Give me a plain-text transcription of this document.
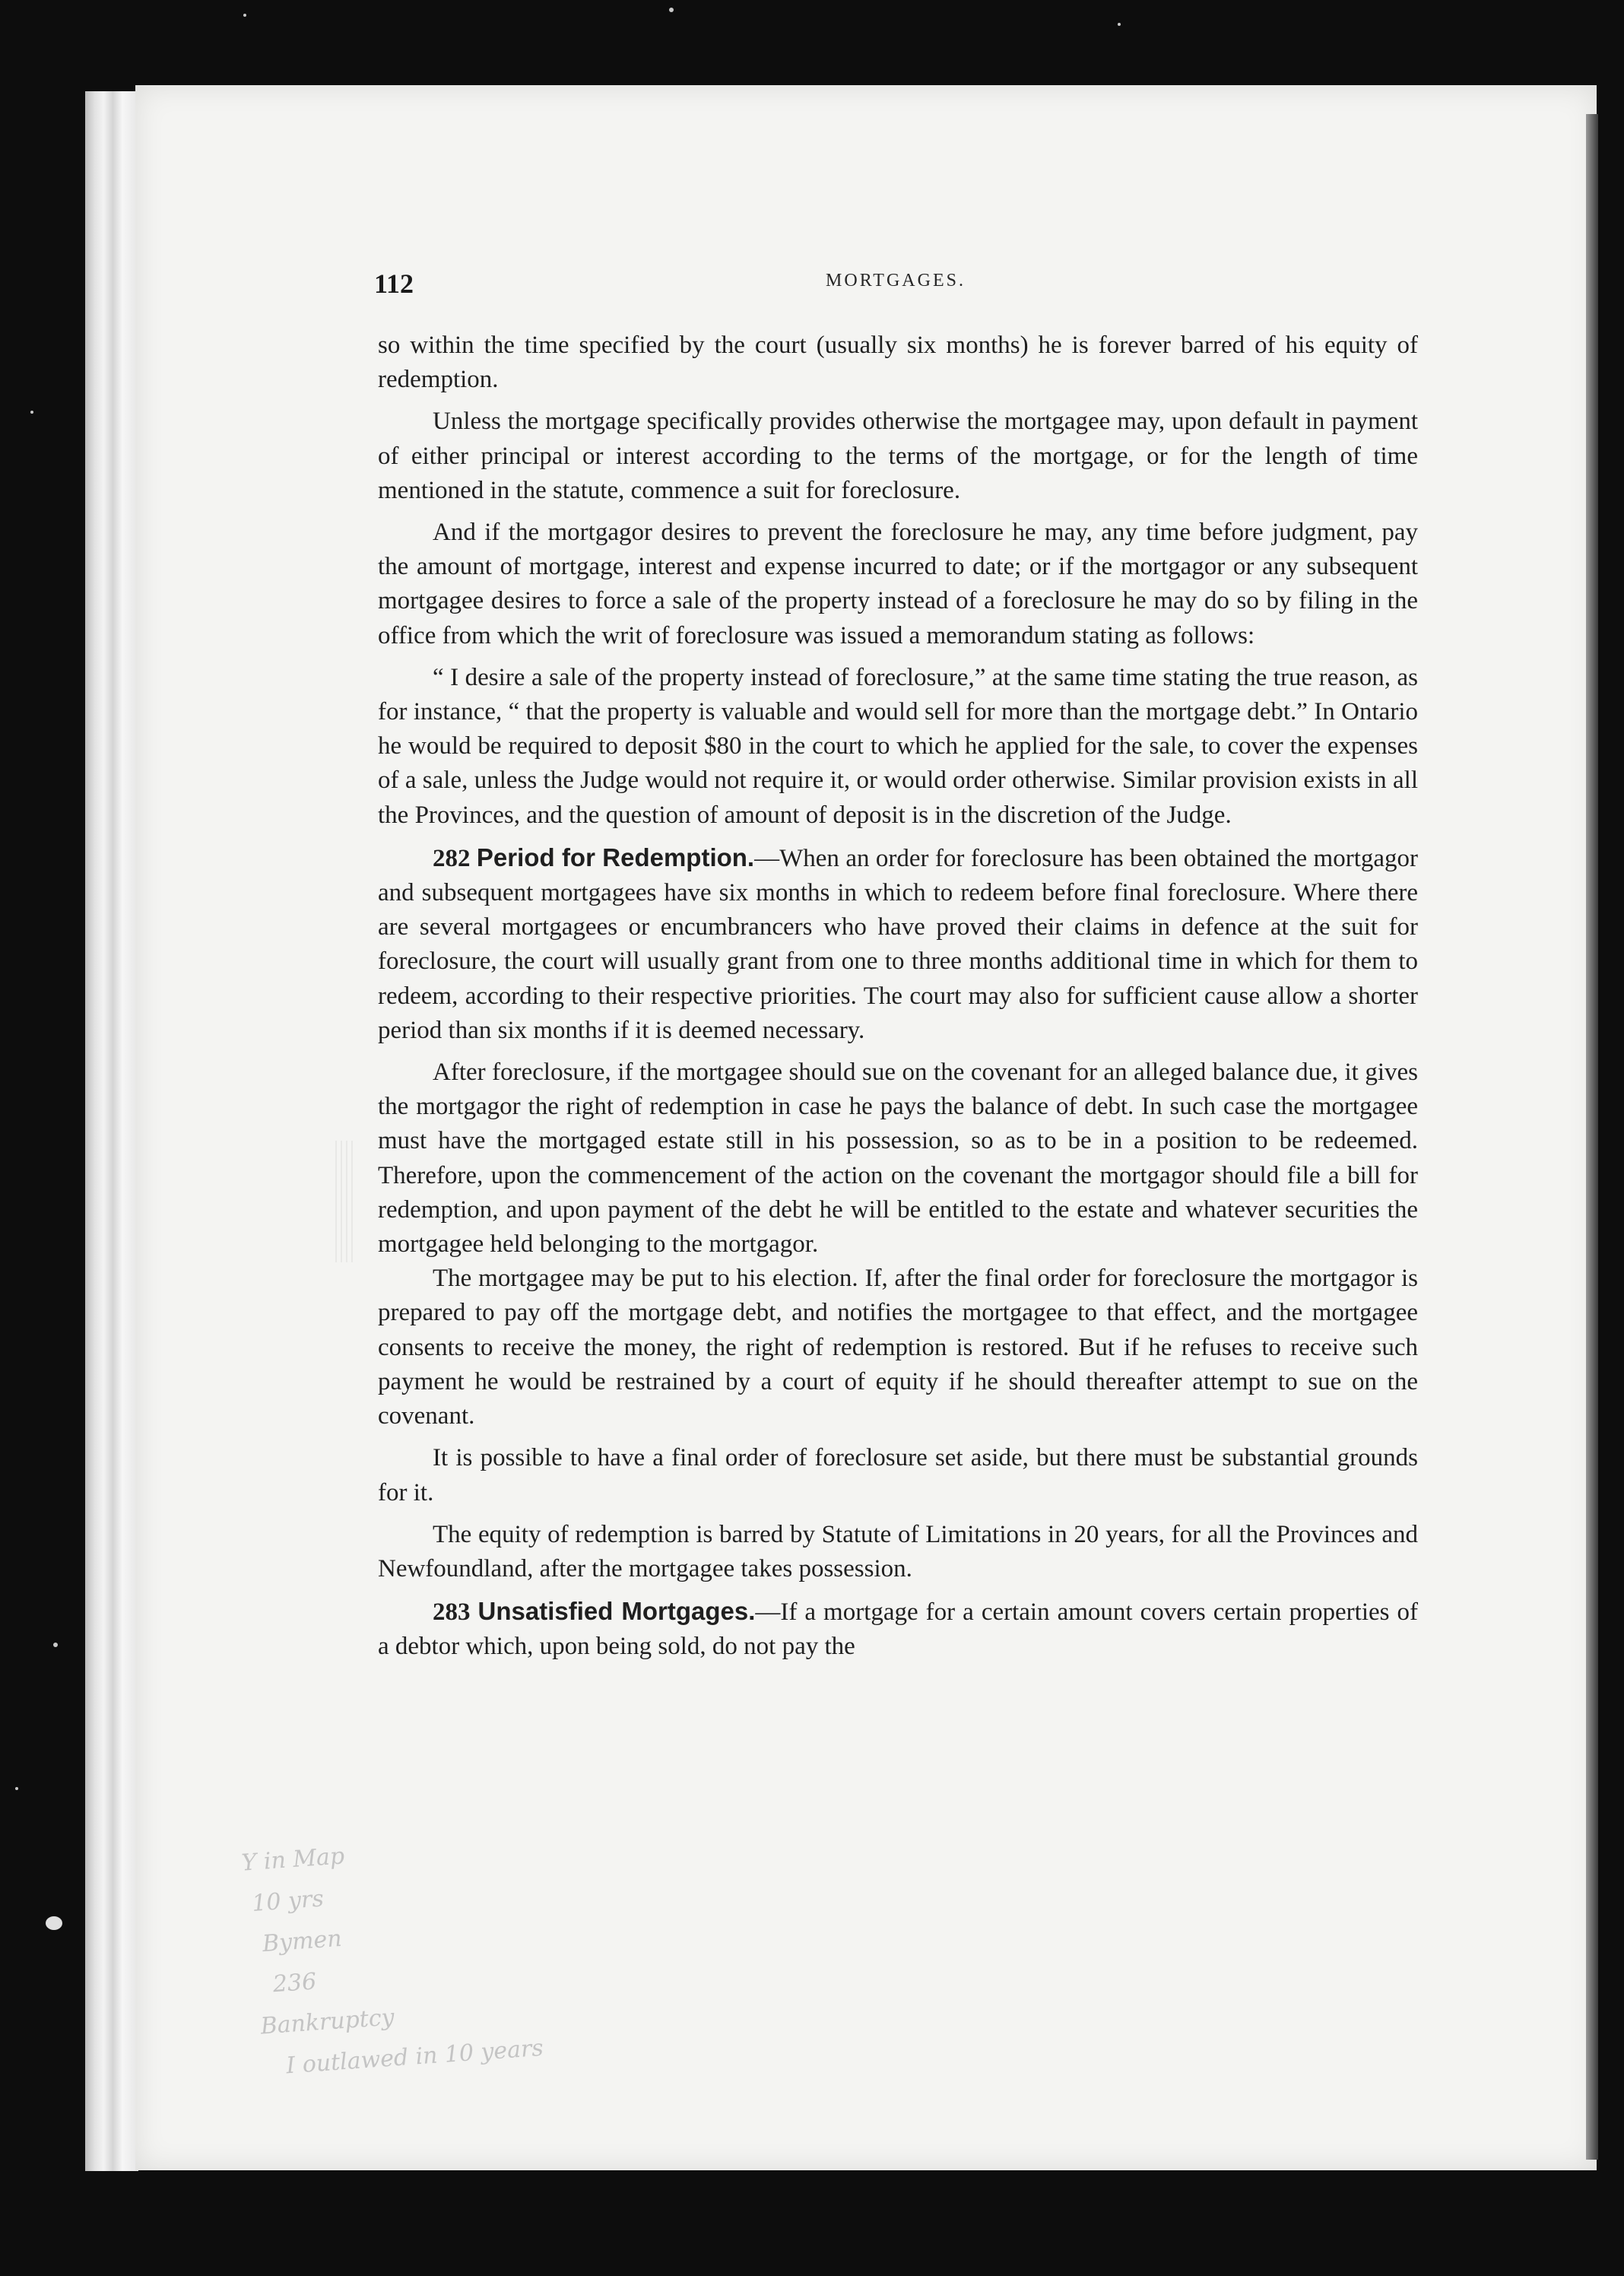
112	MORTGAGES.

so within the time specified by the court (usually six months) he is forever barred of his equity of redemption.

Unless the mortgage specifically provides otherwise the mortgagee may, upon default in payment of either principal or interest according to the terms of the mortgage, or for the length of time mentioned in the statute, commence a suit for foreclosure.

And if the mortgagor desires to prevent the foreclosure he may, any time before judgment, pay the amount of mortgage, interest and expense incurred to date; or if the mortgagor or any subsequent mortgagee desires to force a sale of the property instead of a foreclosure he may do so by filing in the office from which the writ of foreclosure was issued a memorandum stating as follows:

“ I desire a sale of the property instead of foreclosure,” at the same time stating the true reason, as for instance, “ that the property is valuable and would sell for more than the mortgage debt.” In Ontario he would be required to deposit $80 in the court to which he applied for the sale, to cover the expenses of a sale, unless the Judge would not require it, or would order otherwise. Similar provision exists in all the Provinces, and the question of amount of deposit is in the discretion of the Judge.

282 Period for Redemption.—When an order for foreclosure has been obtained the mortgagor and subsequent mortgagees have six months in which to redeem before final foreclosure. Where there are several mortgagees or encumbrancers who have proved their claims in defence at the suit for foreclosure, the court will usually grant from one to three months additional time in which for them to redeem, according to their respective priorities. The court may also for sufficient cause allow a shorter period than six months if it is deemed necessary.

After foreclosure, if the mortgagee should sue on the covenant for an alleged balance due, it gives the mortgagor the right of redemption in case he pays the balance of debt. In such case the mortgagee must have the mortgaged estate still in his possession, so as to be in a position to be redeemed. Therefore, upon the commencement of the action on the covenant the mortgagor should file a bill for redemption, and upon payment of the debt he will be entitled to the estate and whatever securities the mortgagee held belonging to the mortgagor.

The mortgagee may be put to his election. If, after the final order for foreclosure the mortgagor is prepared to pay off the mortgage debt, and notifies the mortgagee to that effect, and the mortgagee consents to receive the money, the right of redemption is restored. But if he refuses to receive such payment he would be restrained by a court of equity if he should thereafter attempt to sue on the covenant.

It is possible to have a final order of foreclosure set aside, but there must be substantial grounds for it.

The equity of redemption is barred by Statute of Limitations in 20 years, for all the Provinces and Newfoundland, after the mortgagee takes possession.

283 Unsatisfied Mortgages.—If a mortgage for a certain amount covers certain properties of a debtor which, upon being sold, do not pay the

Y in Map
10 yrs
Bymen
236
Bankruptcy
I outlawed in 10 years
